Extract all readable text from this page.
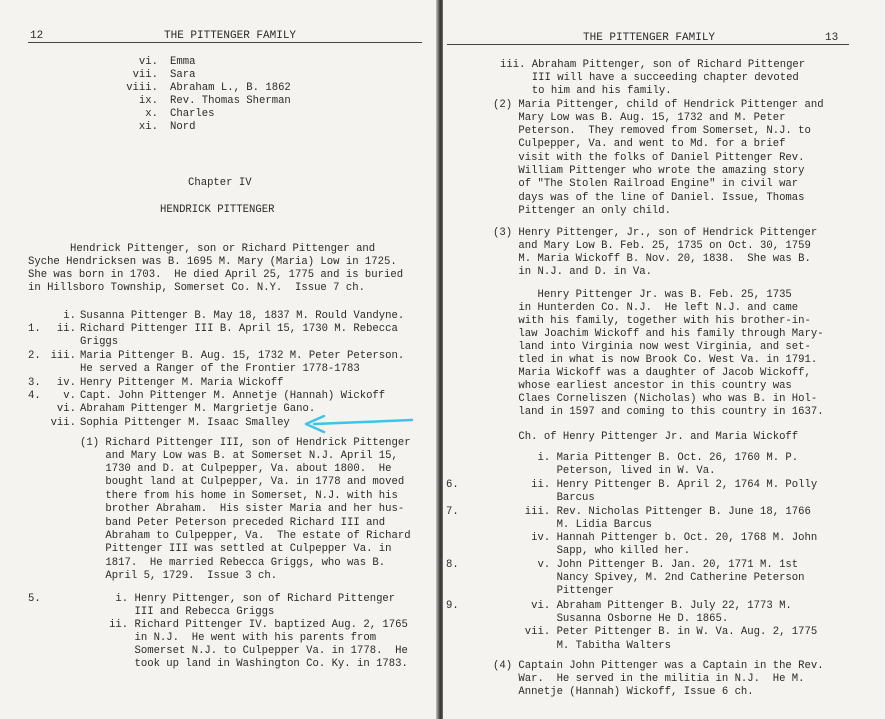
12	THE PITTENGER FAMILY
vi. Emma
vii. Sara
viii. Abraham L., B. 1862
ix. Rev. Thomas Sherman
x. Charles
xi. Nord
Chapter IV
HENDRICK PITTENGER
Hendrick Pittenger, son or Richard Pittenger and
Syche Hendricksen was B. 1695 M. Mary (Maria) Low in 1725.
She was born in 1703.  He died April 25, 1775 and is buried
in Hillsboro Township, Somerset Co. N.Y.  Issue 7 ch.
i. Susanna Pittenger B. May 18, 1837 M. Rould Vandyne.
1.	ii. Richard Pittenger III B. April 15, 1730 M. Rebecca
Griggs
2. iii. Maria Pittenger B. Aug. 15, 1732 M. Peter Peterson.
He served a Ranger of the Frontier 1778-1783
3.	iv. Henry Pittenger M. Maria Wickoff
4.	v. Capt. John Pittenger M. Annetje (Hannah) Wickoff
vi. Abraham Pittenger M. Margrietje Gano.
vii. Sophia Pittenger M. Isaac Smalley
(1) Richard Pittenger III, son of Hendrick Pittenger
and Mary Low was B. at Somerset N.J. April 15,
1730 and D. at Culpepper, Va. about 1800.  He
bought land at Culpepper, Va. in 1778 and moved
there from his home in Somerset, N.J. with his
brother Abraham.  His sister Maria and her hus-
band Peter Peterson preceded Richard III and
Abraham to Culpepper, Va.  The estate of Richard
Pittenger III was settled at Culpepper Va. in
1817.  He married Rebecca Griggs, who was B.
April 5, 1729.  Issue 3 ch.
5.	i. Henry Pittenger, son of Richard Pittenger
III and Rebecca Griggs
ii. Richard Pittenger IV. baptized Aug. 2, 1765
in N.J.  He went with his parents from
Somerset N.J. to Culpepper Va. in 1778.  He
took up land in Washington Co. Ky. in 1783.
THE PITTENGER FAMILY	13
iii. Abraham Pittenger, son of Richard Pittenger
III will have a succeeding chapter devoted
to him and his family.
(2) Maria Pittenger, child of Hendrick Pittenger and
Mary Low was B. Aug. 15, 1732 and M. Peter
Peterson.  They removed from Somerset, N.J. to
Culpepper, Va. and went to Md. for a brief
visit with the folks of Daniel Pittenger Rev.
William Pittenger who wrote the amazing story
of "The Stolen Railroad Engine" in civil war
days was of the line of Daniel. Issue, Thomas
Pittenger an only child.
(3) Henry Pittenger, Jr., son of Hendrick Pittenger
and Mary Low B. Feb. 25, 1735 on Oct. 30, 1759
M. Maria Wickoff B. Nov. 20, 1838.  She was B.
in N.J. and D. in Va.
Henry Pittenger Jr. was B. Feb. 25, 1735
in Hunterden Co. N.J.  He left N.J. and came
with his family, together with his brother-in-
law Joachim Wickoff and his family through Mary-
land into Virginia now west Virginia, and set-
tled in what is now Brook Co. West Va. in 1791.
Maria Wickoff was a daughter of Jacob Wickoff,
whose earliest ancestor in this country was
Claes Corneliszen (Nicholas) who was B. in Hol-
land in 1597 and coming to this country in 1637.
Ch. of Henry Pittenger Jr. and Maria Wickoff
i. Maria Pittenger B. Oct. 26, 1760 M. P.
Peterson, lived in W. Va.
6.	ii. Henry Pittenger B. April 2, 1764 M. Polly
Barcus
7.	iii. Rev. Nicholas Pittenger B. June 18, 1766
M. Lidia Barcus
iv. Hannah Pittenger b. Oct. 20, 1768 M. John
Sapp, who killed her.
8.	v. John Pittenger B. Jan. 20, 1771 M. 1st
Nancy Spivey, M. 2nd Catherine Peterson
Pittenger
9.	vi. Abraham Pittenger B. July 22, 1773 M.
Susanna Osborne He D. 1865.
vii. Peter Pittenger B. in W. Va. Aug. 2, 1775
M. Tabitha Walters
(4) Captain John Pittenger was a Captain in the Rev.
War.  He served in the militia in N.J.  He M.
Annetje (Hannah) Wickoff, Issue 6 ch.
